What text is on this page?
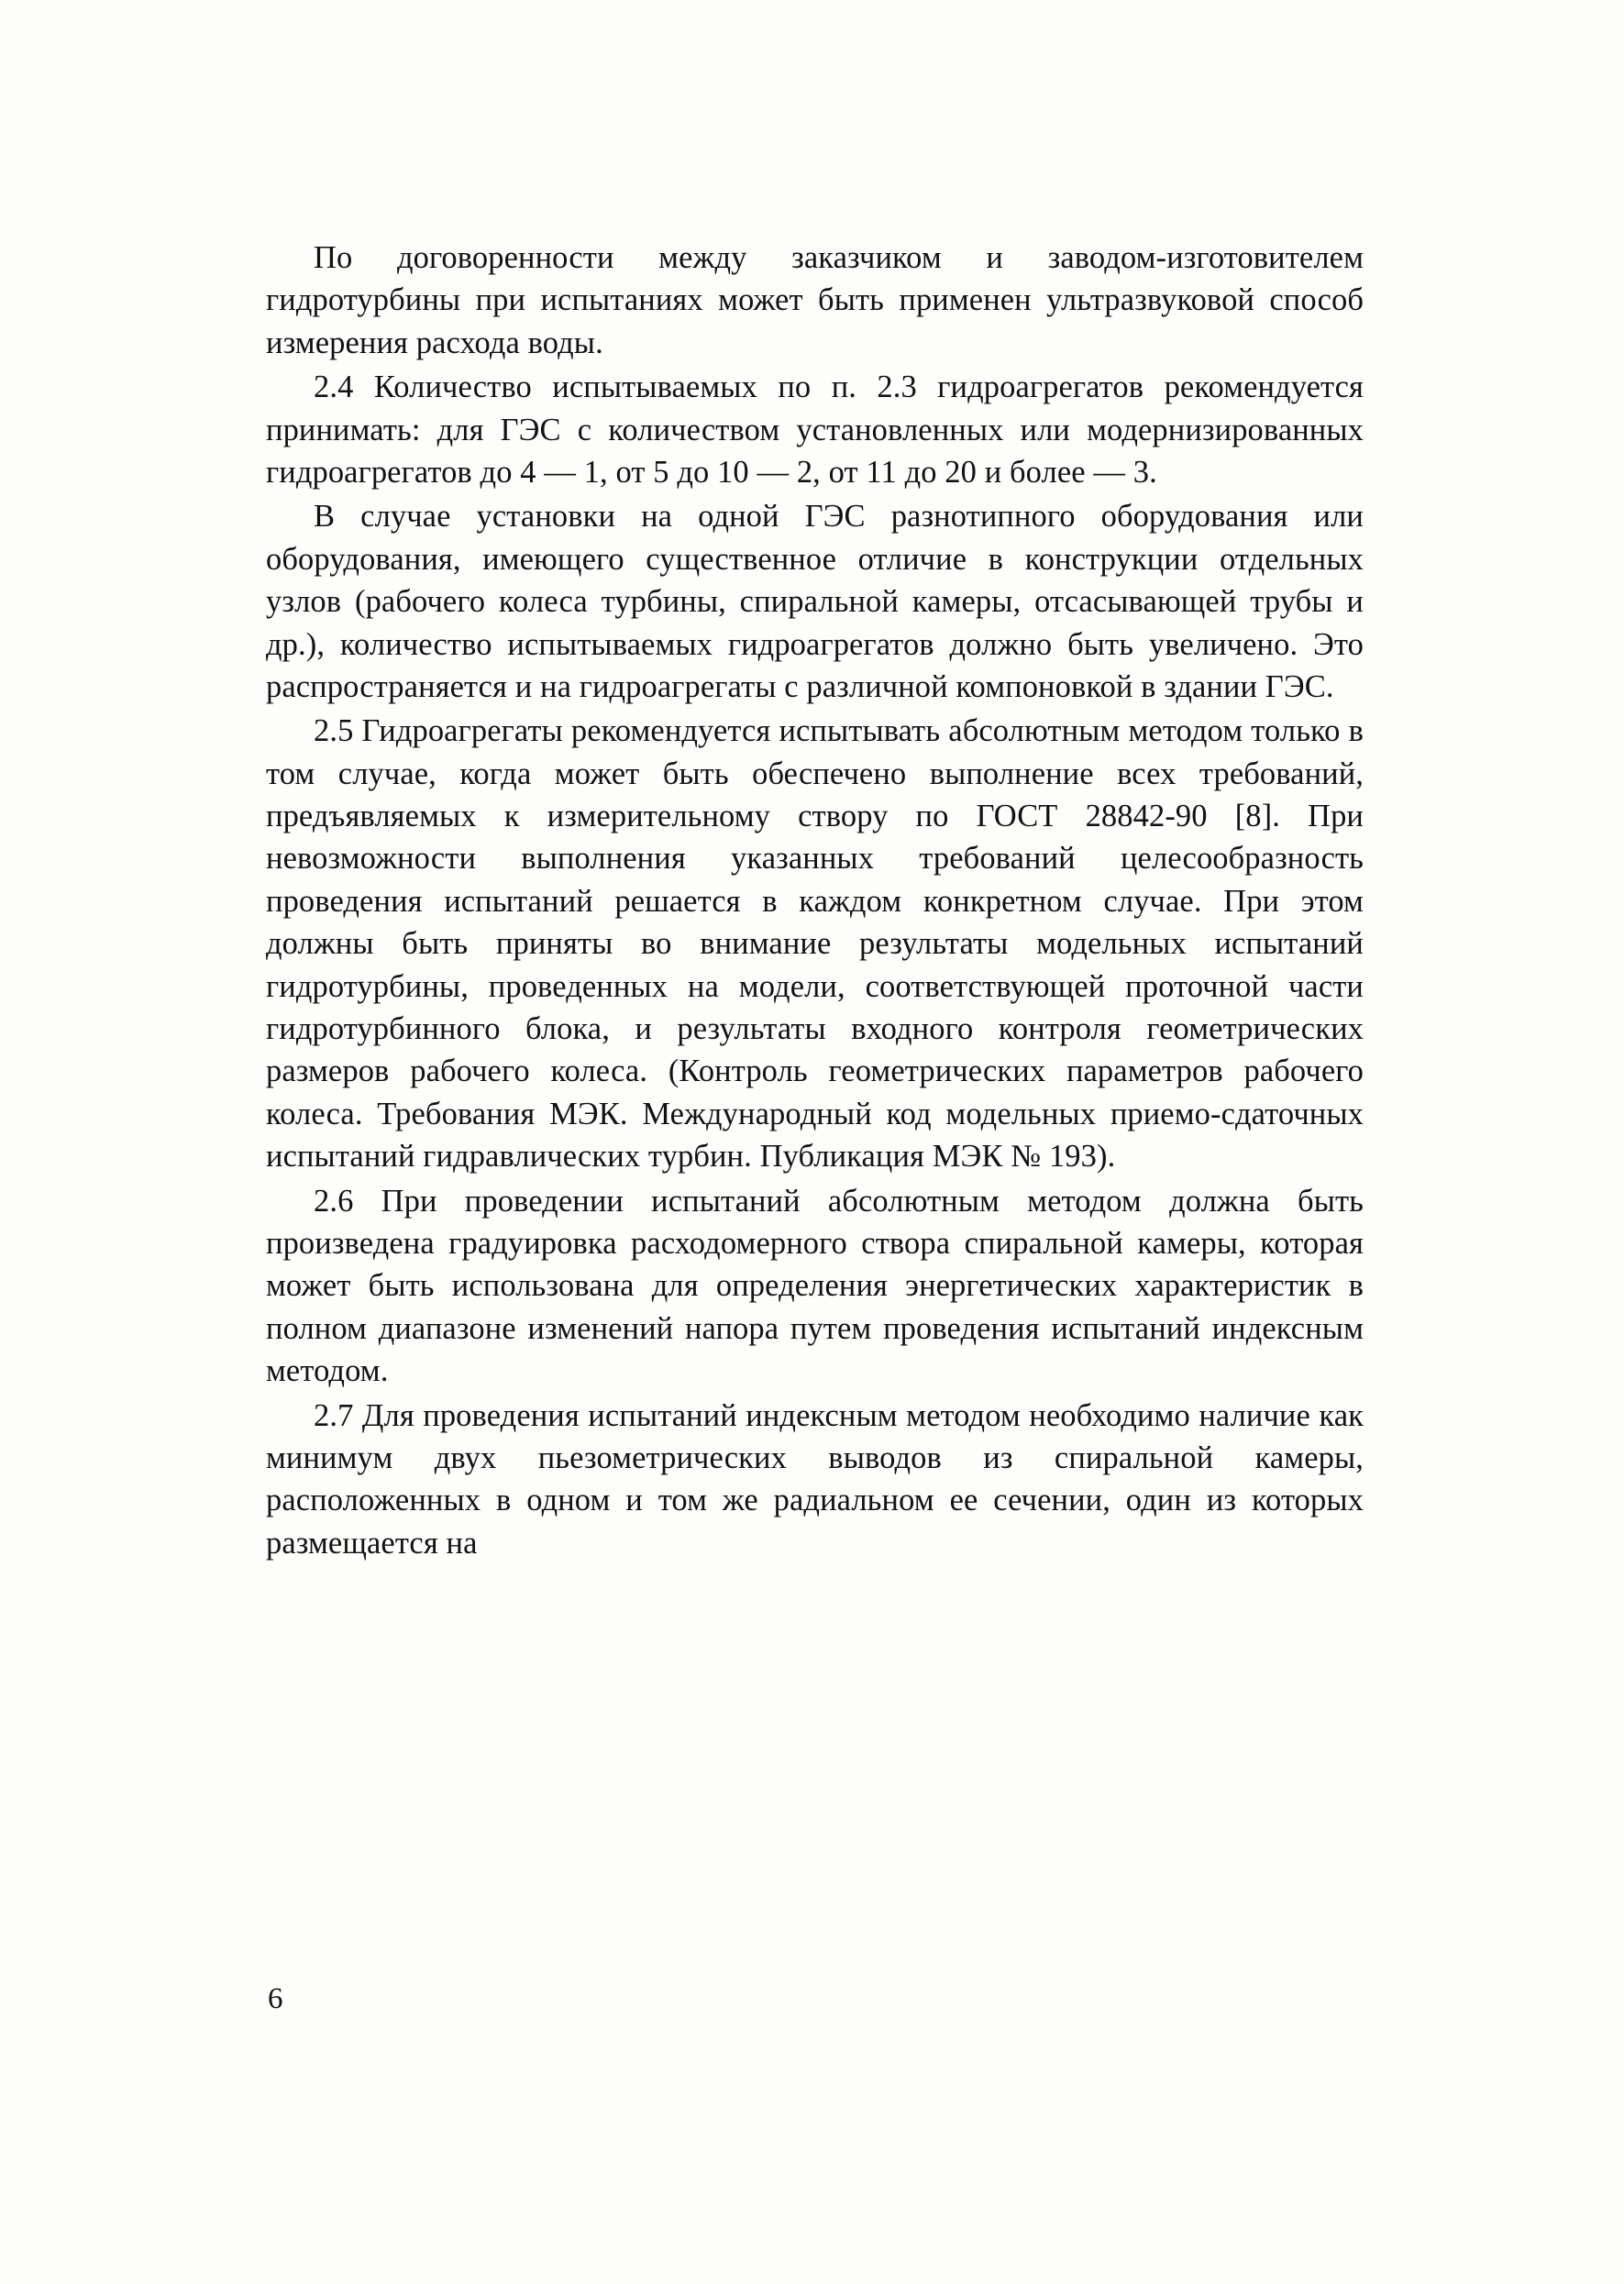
По договоренности между заказчиком и заводом-изготовителем гидротурбины при испытаниях может быть применен ультразвуковой способ измерения расхода воды.

2.4 Количество испытываемых по п. 2.3 гидроагрегатов рекомендуется принимать: для ГЭС с количеством установленных или модернизированных гидроагрегатов до 4 — 1, от 5 до 10 — 2, от 11 до 20 и более — 3.

В случае установки на одной ГЭС разнотипного оборудования или оборудования, имеющего существенное отличие в конструкции отдельных узлов (рабочего колеса турбины, спиральной камеры, отсасывающей трубы и др.), количество испытываемых гидроагрегатов должно быть увеличено. Это распространяется и на гидроагрегаты с различной компоновкой в здании ГЭС.

2.5 Гидроагрегаты рекомендуется испытывать абсолютным методом только в том случае, когда может быть обеспечено выполнение всех требований, предъявляемых к измерительному створу по ГОСТ 28842-90 [8]. При невозможности выполнения указанных требований целесообразность проведения испытаний решается в каждом конкретном случае. При этом должны быть приняты во внимание результаты модельных испытаний гидротурбины, проведенных на модели, соответствующей проточной части гидротурбинного блока, и результаты входного контроля геометрических размеров рабочего колеса. (Контроль геометрических параметров рабочего колеса. Требования МЭК. Международный код модельных приемо-сдаточных испытаний гидравлических турбин. Публикация МЭК № 193).

2.6 При проведении испытаний абсолютным методом должна быть произведена градуировка расходомерного створа спиральной камеры, которая может быть использована для определения энергетических характеристик в полном диапазоне изменений напора путем проведения испытаний индексным методом.

2.7 Для проведения испытаний индексным методом необходимо наличие как минимум двух пьезометрических выводов из спиральной камеры, расположенных в одном и том же радиальном ее сечении, один из которых размещается на

6
